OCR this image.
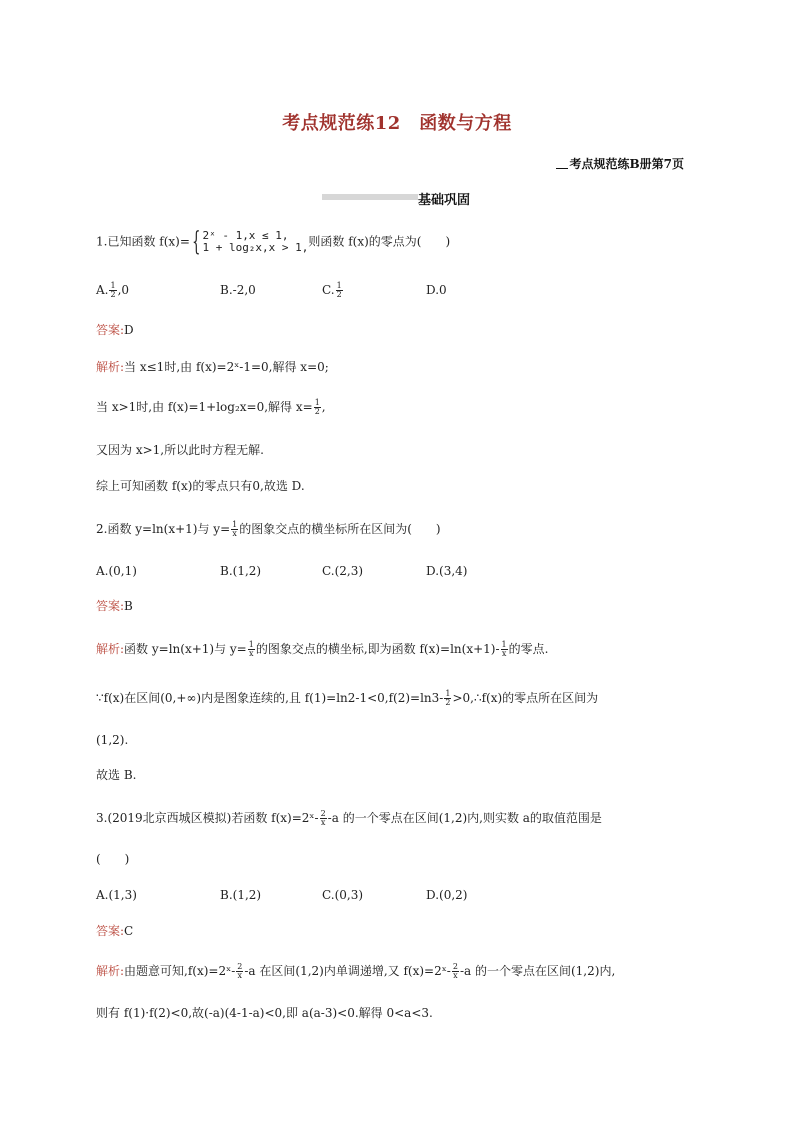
考点规范练12　函数与方程
考点规范练B册第7页
基础巩固
1.已知函数 f(x)={ 2ˣ - 1,x ≤ 1,
1 + log₂x,x > 1, 则函数 f(x)的零点为(　　)
A. $\frac{1}{2} ,0$	B.-2,0	C. $\frac{1}{2}$	D.0
答案:D
解析:当 x≤1时,由 f(x)=2ˣ-1=0,解得 x=0;
当 x>1时,由 f(x)=1+log₂x=0,解得 $x= \frac{1}{2}$ ,
又因为 x>1,所以此时方程无解.
综上可知函数 f(x)的零点只有0,故选 D.
2.函数 y=ln(x+1)与 $y= \frac{1}{x}$ 的图象交点的横坐标所在区间为(　　)
A.(0,1)	B.(1,2)	C.(2,3)	D.(3,4)
答案:B
解析:函数 y=ln(x+1)与 $y= \frac{1}{x}$ 的图象交点的横坐标,即为函数 $f(x)=\ln(x+1)- \frac{1}{x}$ 的零点.
∵f(x)在区间(0,+∞)内是图象连续的,且 $f(1)=\ln 2-1<0,f(2)=\ln 3- \frac{1}{2}$ >0,∴f(x)的零点所在区间为
(1,2).
故选 B.
3.(2019北京西城区模拟)若函数 f(x)=2ˣ- $\frac{2}{x} -a$ 的一个零点在区间(1,2)内,则实数 a的取值范围是
(　　)
A.(1,3)	B.(1,2)	C.(0,3)	D.(0,2)
答案:C
解析:由题意可知,f(x)=2ˣ- $\frac{2}{x} -a$ 在区间(1,2)内单调递增,又 f(x)=2ˣ- $\frac{2}{x} -a$ 的一个零点在区间(1,2)内,
则有 f(1)·f(2)<0,故(-a)(4-1-a)<0,即 a(a-3)<0.解得 0<a<3.
